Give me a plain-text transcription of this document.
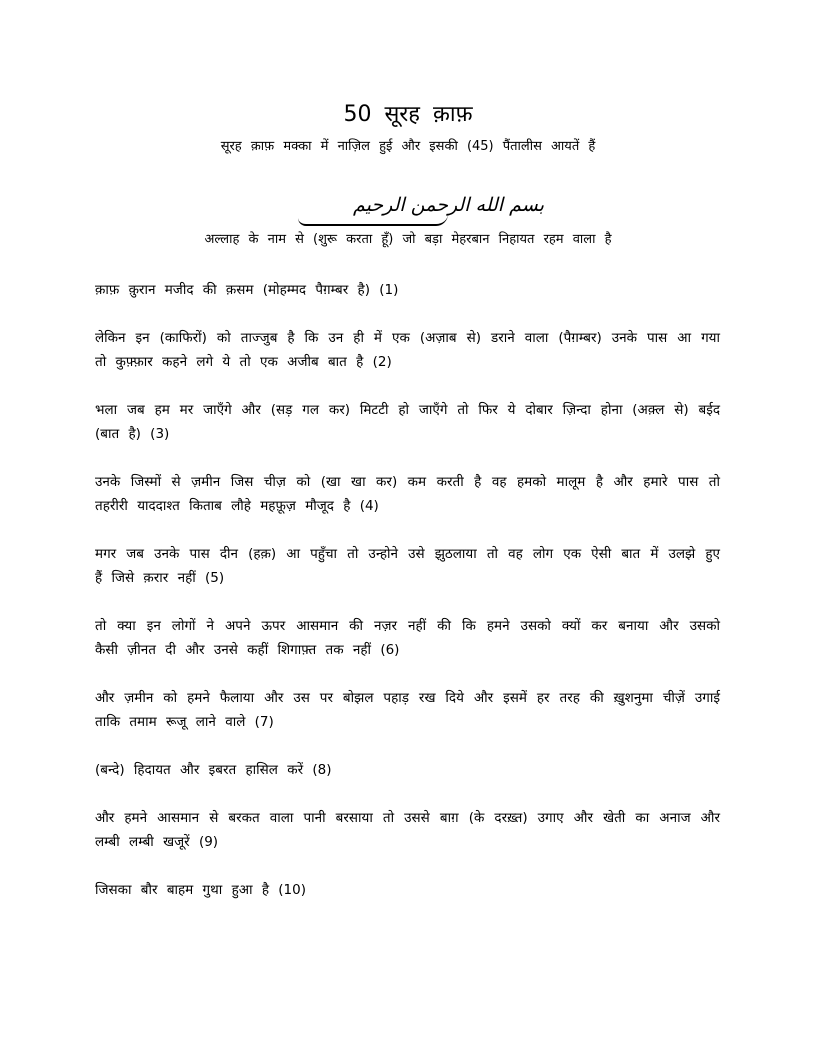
50 सूरह क़ाफ़
सूरह क़ाफ़ मक्का में नाज़िल हुई और इसकी (45) पैंतालीस आयतें हैं
بسم الله الرحمن الرحيم
अल्लाह के नाम से (शुरू करता हूँ) जो बड़ा मेहरबान निहायत रहम वाला है

क़ाफ़ क़ुरान मजीद की क़सम (मोहम्मद पैग़म्बर है) (1)

लेकिन इन (काफिरों) को ताज्जुब है कि उन ही में एक (अज़ाब से) डराने वाला (पैग़म्बर) उनके पास आ गया तो कुफ़्फ़ार कहने लगे ये तो एक अजीब बात है (2)

भला जब हम मर जाएँगे और (सड़ गल कर) मिटटी हो जाएँगे तो फिर ये दोबार ज़िन्दा होना (अक़्ल से) बईद (बात है) (3)

उनके जिस्मों से ज़मीन जिस चीज़ को (खा खा कर) कम करती है वह हमको मालूम है और हमारे पास तो तहरीरी याददाश्त किताब लौहे महफ़ूज़ मौजूद है (4)

मगर जब उनके पास दीन (हक़) आ पहुँचा तो उन्होने उसे झुठलाया तो वह लोग एक ऐसी बात में उलझे हुए हैं जिसे क़रार नहीं (5)

तो क्या इन लोगों ने अपने ऊपर आसमान की नज़र नहीं की कि हमने उसको क्यों कर बनाया और उसको कैसी ज़ीनत दी और उनसे कहीं शिगाफ़्त तक नहीं (6)

और ज़मीन को हमने फैलाया और उस पर बोझल पहाड़ रख दिये और इसमें हर तरह की ख़ुशनुमा चीज़ें उगाई ताकि तमाम रूजू लाने वाले (7)

(बन्दे) हिदायत और इबरत हासिल करें (8)

और हमने आसमान से बरकत वाला पानी बरसाया तो उससे बाग़ (के दरख़्त) उगाए और खेती का अनाज और लम्बी लम्बी खजूरें (9)

जिसका बौर बाहम गुथा हुआ है (10)
